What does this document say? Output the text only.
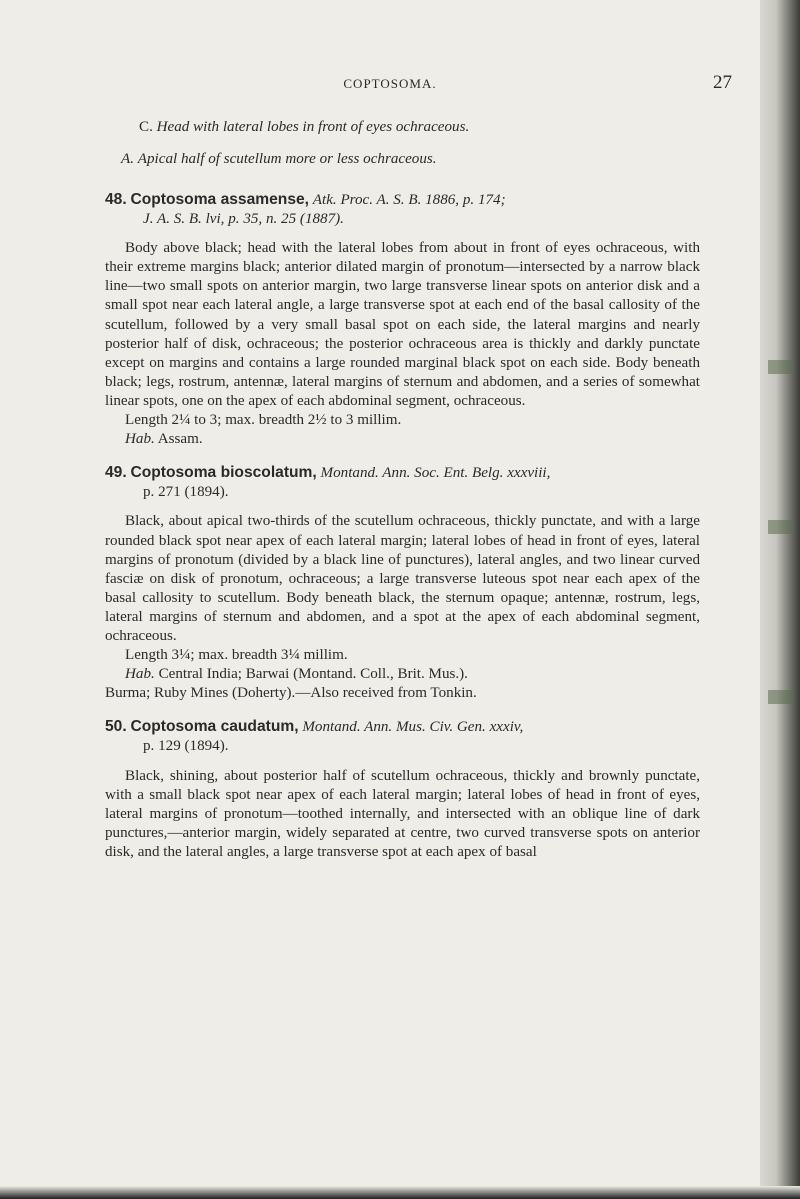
COPTOSOMA.	27

C. Head with lateral lobes in front of eyes ochraceous.

A. Apical half of scutellum more or less ochraceous.

48. Coptosoma assamense, Atk. Proc. A. S. B. 1886, p. 174;
J. A. S. B. lvi, p. 35, n. 25 (1887).

Body above black; head with the lateral lobes from about in front of eyes ochraceous, with their extreme margins black; anterior dilated margin of pronotum—intersected by a narrow black line—two small spots on anterior margin, two large transverse linear spots on anterior disk and a small spot near each lateral angle, a large transverse spot at each end of the basal callosity of the scutellum, followed by a very small basal spot on each side, the lateral margins and nearly posterior half of disk, ochraceous; the posterior ochraceous area is thickly and darkly punctate except on margins and contains a large rounded marginal black spot on each side. Body beneath black; legs, rostrum, antennæ, lateral margins of sternum and abdomen, and a series of somewhat linear spots, one on the apex of each abdominal segment, ochraceous.

Length 2¼ to 3; max. breadth 2½ to 3 millim.

Hab. Assam.

49. Coptosoma bioscolatum, Montand. Ann. Soc. Ent. Belg. xxxviii,
p. 271 (1894).

Black, about apical two-thirds of the scutellum ochraceous, thickly punctate, and with a large rounded black spot near apex of each lateral margin; lateral lobes of head in front of eyes, lateral margins of pronotum (divided by a black line of punctures), lateral angles, and two linear curved fasciæ on disk of pronotum, ochraceous; a large transverse luteous spot near each apex of the basal callosity to scutellum. Body beneath black, the sternum opaque; antennæ, rostrum, legs, lateral margins of sternum and abdomen, and a spot at the apex of each abdominal segment, ochraceous.

Length 3¼; max. breadth 3¼ millim.

Hab. Central India; Barwai (Montand. Coll., Brit. Mus.).

Burma; Ruby Mines (Doherty).—Also received from Tonkin.

50. Coptosoma caudatum, Montand. Ann. Mus. Civ. Gen. xxxiv,
p. 129 (1894).

Black, shining, about posterior half of scutellum ochraceous, thickly and brownly punctate, with a small black spot near apex of each lateral margin; lateral lobes of head in front of eyes, lateral margins of pronotum—toothed internally, and intersected with an oblique line of dark punctures,—anterior margin, widely separated at centre, two curved transverse spots on anterior disk, and the lateral angles, a large transverse spot at each apex of basal
